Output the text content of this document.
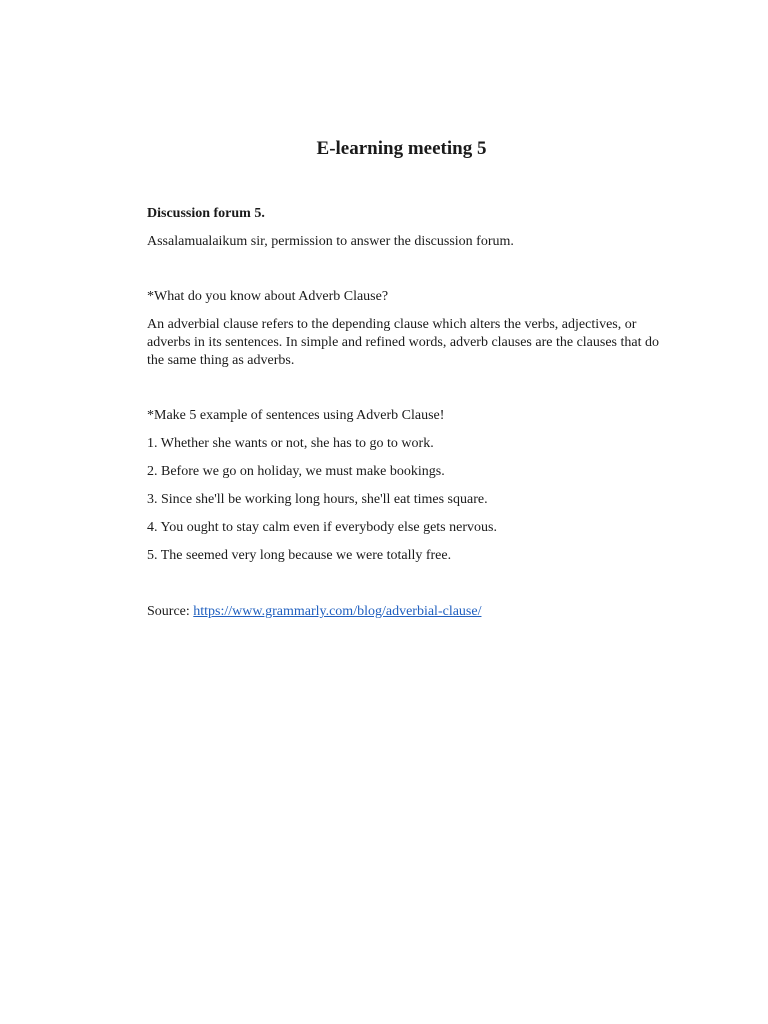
E-learning meeting 5

Discussion forum 5.

Assalamualaikum sir, permission to answer the discussion forum.

*What do you know about Adverb Clause?

An adverbial clause refers to the depending clause which alters the verbs, adjectives, or adverbs in its sentences. In simple and refined words, adverb clauses are the clauses that do the same thing as adverbs.

*Make 5 example of sentences using Adverb Clause!

1. Whether she wants or not, she has to go to work.

2. Before we go on holiday, we must make bookings.

3. Since she'll be working long hours, she'll eat times square.

4. You ought to stay calm even if everybody else gets nervous.

5. The seemed very long because we were totally free.

Source: https://www.grammarly.com/blog/adverbial-clause/
